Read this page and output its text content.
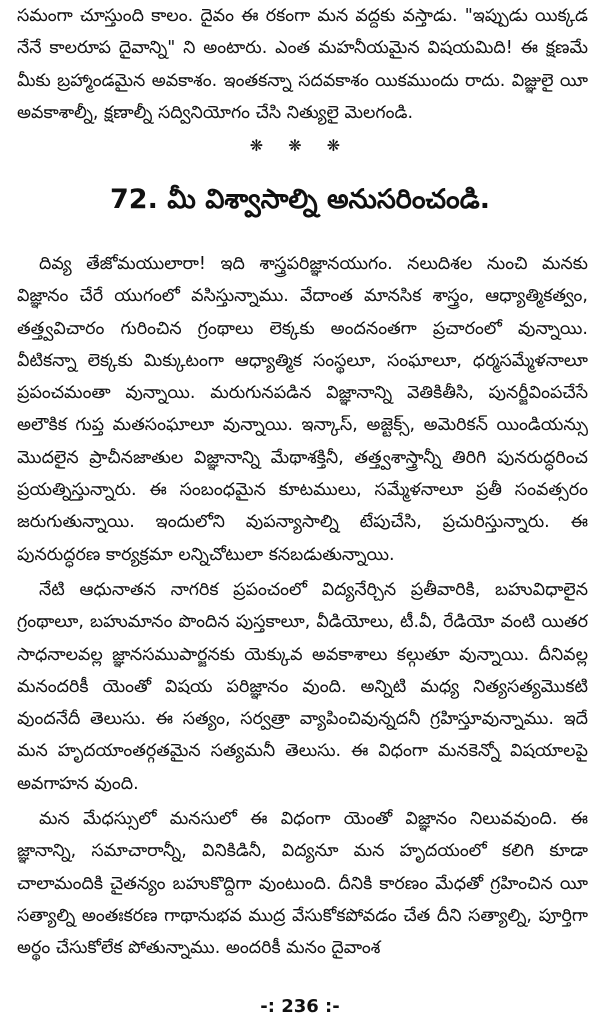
సమంగా చూస్తుంది కాలం. దైవం ఈ రకంగా మన వద్దకు వస్తాడు. "ఇప్పుడు యిక్కడ నేనే కాలరూప దైవాన్ని" ని అంటారు. ఎంత మహనీయమైన విషయమిది! ఈ క్షణమే మీకు బ్రహ్మాండమైన అవకాశం. ఇంతకన్నా సదవకాశం యికముందు రాదు. విజ్ఞులై యీ అవకాశాల్నీ, క్షణాల్నీ సద్వినియోగం చేసి నిత్యులై మెలగండి.

❋ ❋ ❋
72. మీ విశ్వాసాల్ని అనుసరించండి.

దివ్య తేజోమయులారా! ఇది శాస్త్రపరిజ్ఞానయుగం. నలుదిశల నుంచి మనకు విజ్ఞానం చేరే యుగంలో వసిస్తున్నాము. వేదాంత మానసిక శాస్త్రం, ఆధ్యాత్మికత్వం, తత్త్వవిచారం గురించిన గ్రంథాలు లెక్కకు అందనంతగా ప్రచారంలో వున్నాయి. వీటికన్నా లెక్కకు మిక్కుటంగా ఆధ్యాత్మిక సంస్థలూ, సంఘాలూ, ధర్మసమ్మేళనాలూ ప్రపంచమంతా వున్నాయి. మరుగునపడిన విజ్ఞానాన్ని వెతికితీసి, పునర్జీవింపచేసే అలౌకిక గుప్త మతసంఘాలూ వున్నాయి. ఇన్కాస్, అజ్టెక్స్, అమెరికన్ యిండియన్సు మొదలైన ప్రాచీనజాతుల విజ్ఞానాన్ని మేథాశక్తినీ, తత్త్వశాస్త్రాన్నీ తిరిగి పునరుద్ధరించ ప్రయత్నిస్తున్నారు. ఈ సంబంధమైన కూటములు, సమ్మేళనాలూ ప్రతీ సంవత్సరం జరుగుతున్నాయి. ఇందులోని వుపన్యాసాల్ని టేపుచేసి, ప్రచురిస్తున్నారు. ఈ పునరుద్ధరణ కార్యక్రమా లన్నిచోటులా కనబడుతున్నాయి.

నేటి ఆధునాతన నాగరిక ప్రపంచంలో విద్యనేర్చిన ప్రతీవారికి, బహువిధాలైన గ్రంథాలూ, బహుమానం పొందిన పుస్తకాలూ, వీడియోలు, టీ.వీ, రేడియో వంటి యితర సాధనాలవల్ల జ్ఞానసముపార్జనకు యెక్కువ అవకాశాలు కల్గుతూ వున్నాయి. దీనివల్ల మనందరికీ యెంతో విషయ పరిజ్ఞానం వుంది. అన్నిటి మధ్య నిత్యసత్యమొకటి వుందనేదీ తెలుసు. ఈ సత్యం, సర్వత్రా వ్యాపించివున్నదనీ గ్రహిస్తూవున్నాము. ఇదే మన హృదయాంతర్గతమైన సత్యమనీ తెలుసు. ఈ విధంగా మనకెన్నో విషయాలపై అవగాహన వుంది.

మన మేధస్సులో మనసులో ఈ విధంగా యెంతో విజ్ఞానం నిలువవుంది. ఈ జ్ఞానాన్ని, సమాచారాన్నీ, వినికిడినీ, విద్యనూ మన హృదయంలో కలిగి కూడా చాలామందికి చైతన్యం బహుకొద్దిగా వుంటుంది. దీనికి కారణం మేధతో గ్రహించిన యీ సత్యాల్ని అంతఃకరణ గాథానుభవ ముద్ర వేసుకోకపోవడం చేత దీని సత్యాల్ని, పూర్తిగా అర్థం చేసుకోలేక పోతున్నాము. అందరికీ మనం దైవాంశ

-: 236 :-
